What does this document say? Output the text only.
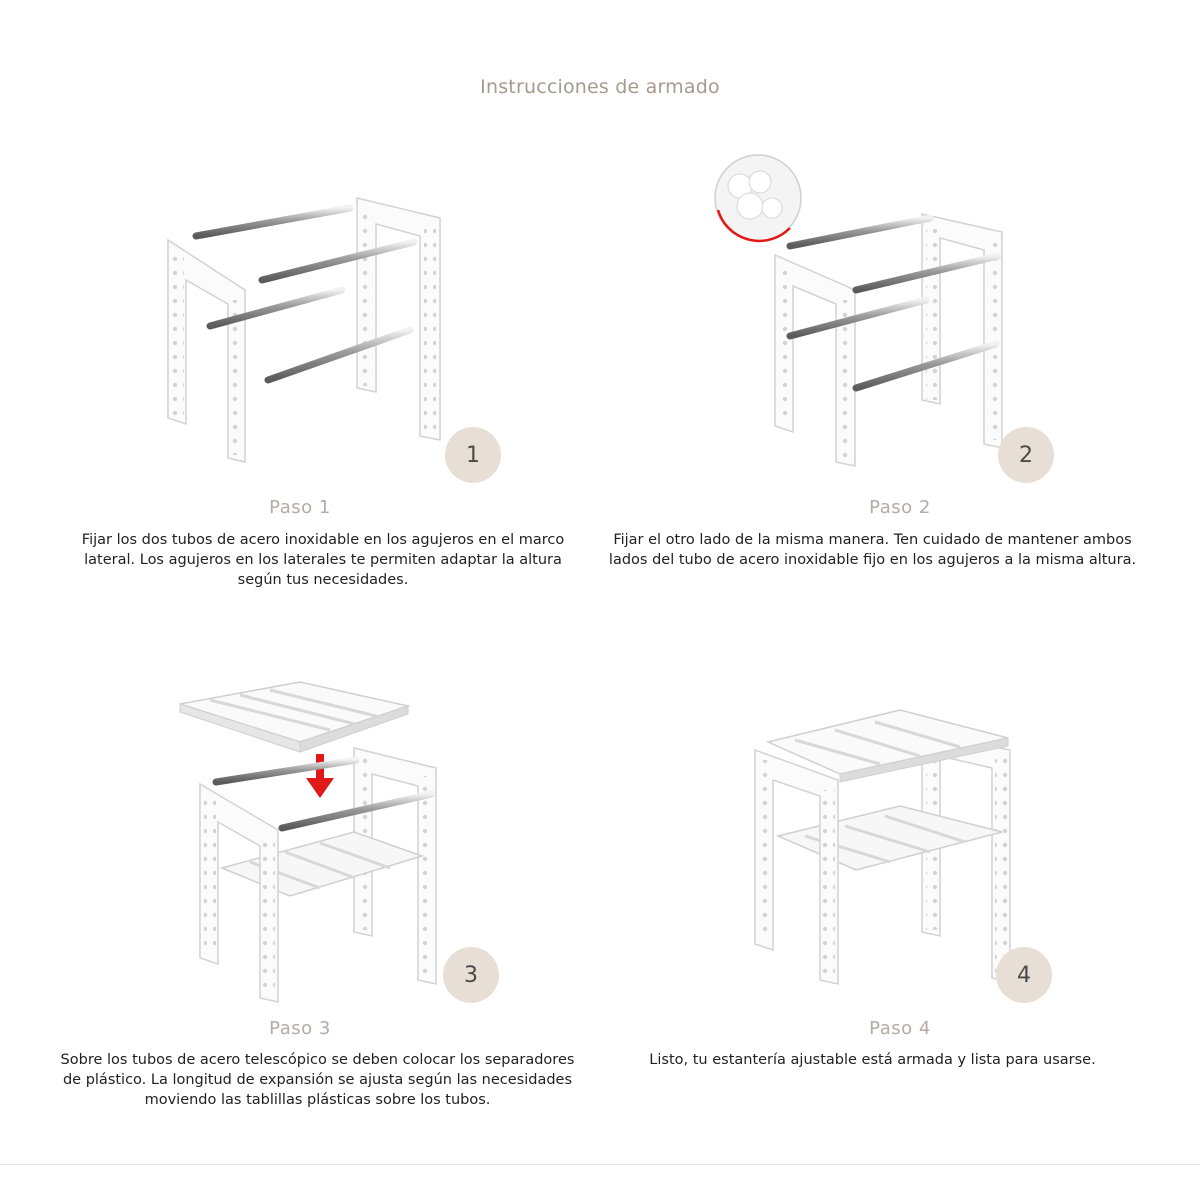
Instrucciones de armado
1
Paso 1
Fijar los dos tubos de acero inoxidable en los agujeros en el marco lateral. Los agujeros en los laterales te permiten adaptar la altura según tus necesidades.
2
Paso 2
Fijar el otro lado de la misma manera. Ten cuidado de mantener ambos lados del tubo de acero inoxidable fijo en los agujeros a la misma altura.
3
Paso 3
Sobre los tubos de acero telescópico se deben colocar los separadores de plástico. La longitud de expansión se ajusta según las necesidades moviendo las tablillas plásticas sobre los tubos.
4
Paso 4
Listo, tu estantería ajustable está armada y lista para usarse.
